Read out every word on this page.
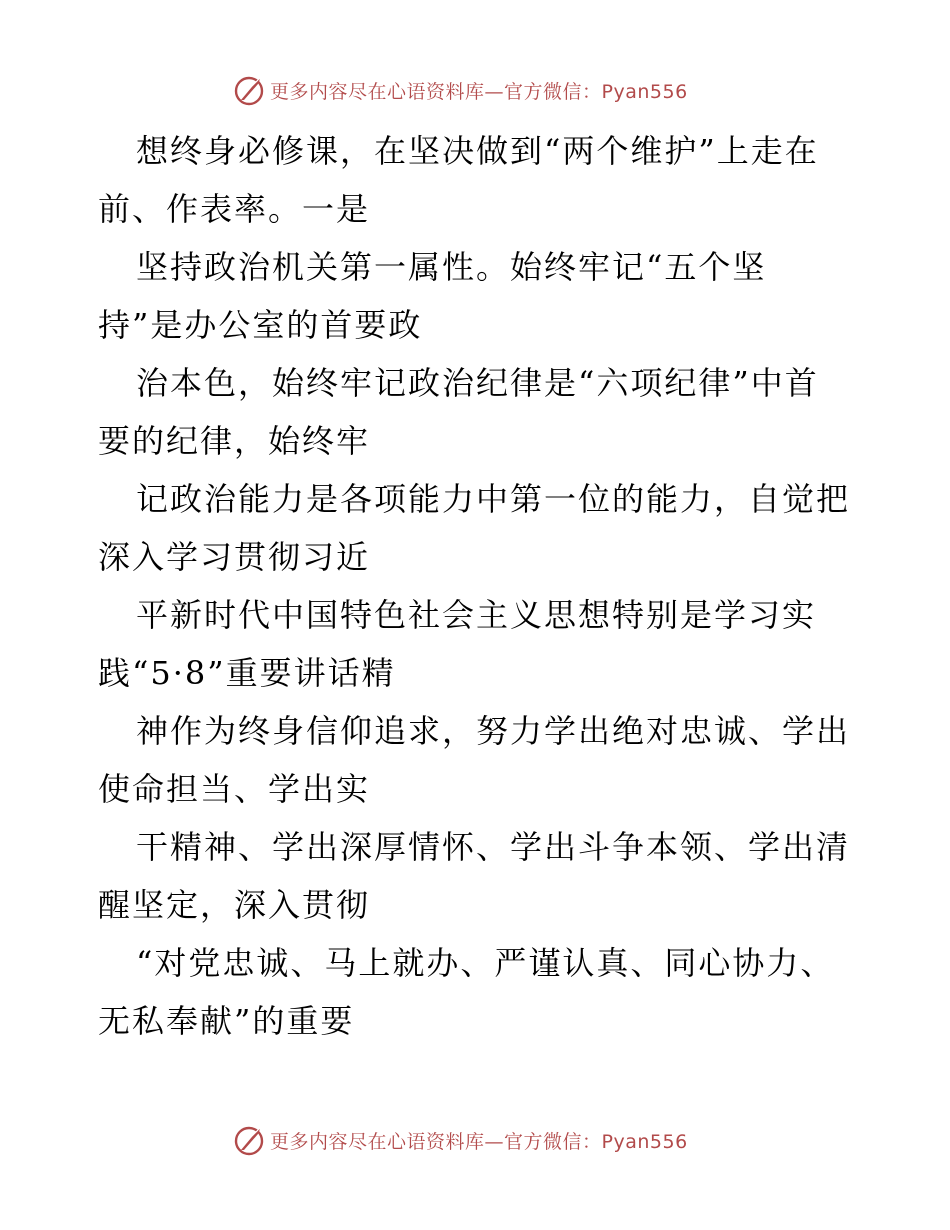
更多内容尽在心语资料库—官方微信：Pyan556
想终身必修课，在坚决做到“两个维护”上走在
前、作表率。一是
坚持政治机关第一属性。始终牢记“五个坚
持”是办公室的首要政
治本色，始终牢记政治纪律是“六项纪律”中首
要的纪律，始终牢
记政治能力是各项能力中第一位的能力，自觉把
深入学习贯彻习近
平新时代中国特色社会主义思想特别是学习实
践“5·8”重要讲话精
神作为终身信仰追求，努力学出绝对忠诚、学出
使命担当、学出实
干精神、学出深厚情怀、学出斗争本领、学出清
醒坚定，深入贯彻
“对党忠诚、马上就办、严谨认真、同心协力、
无私奉献”的重要
更多内容尽在心语资料库—官方微信：Pyan556
